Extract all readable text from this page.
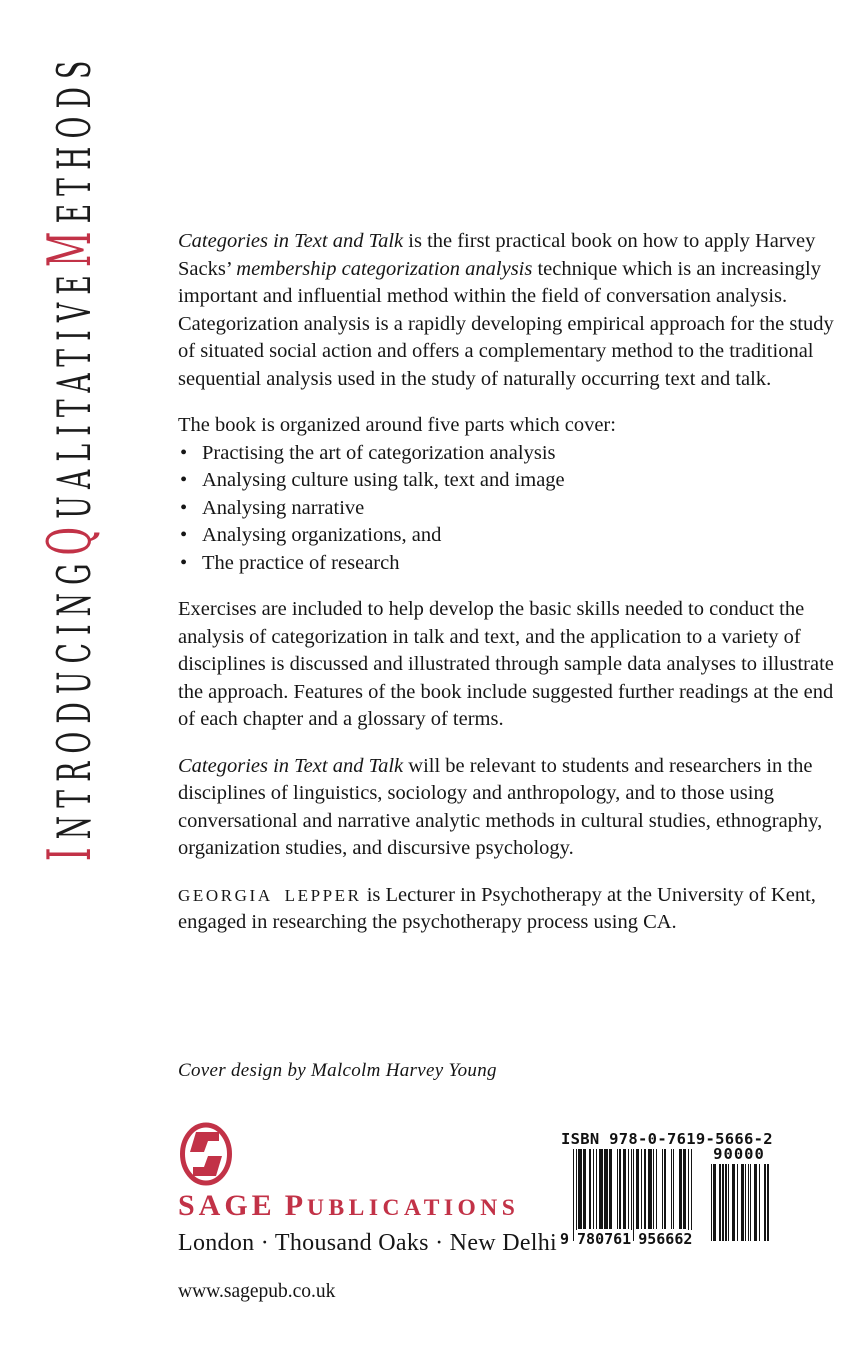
I
NTRODUCING
Q
UALITATIVE
M
ETHODS

Categories in Text and Talk is the first practical book on how to apply Harvey Sacks’ membership categorization analysis technique which is an increasingly important and influential method within the field of conversation analysis. Categorization analysis is a rapidly developing empirical approach for the study of situated social action and offers a complementary method to the traditional sequential analysis used in the study of naturally occurring text and talk.

The book is organized around five parts which cover:

• Practising the art of categorization analysis
• Analysing culture using talk, text and image
• Analysing narrative
• Analysing organizations, and
• The practice of research

Exercises are included to help develop the basic skills needed to conduct the analysis of categorization in talk and text, and the application to a variety of disciplines is discussed and illustrated through sample data analyses to illustrate the approach. Features of the book include suggested further readings at the end of each chapter and a glossary of terms.

Categories in Text and Talk will be relevant to students and researchers in the disciplines of linguistics, sociology and anthropology, and to those using conversational and narrative analytic methods in cultural studies, ethnography, organization studies, and discursive psychology.

GEORGIA LEPPER is Lecturer in Psychotherapy at the University of Kent, engaged in researching the psychotherapy process using CA.

Cover design by Malcolm Harvey Young
SAGE PUBLICATIONS
London · Thousand Oaks · New Delhi
ISBN 978-0-7619-5666-2
9 780761 956662
90000
www.sagepub.co.uk
